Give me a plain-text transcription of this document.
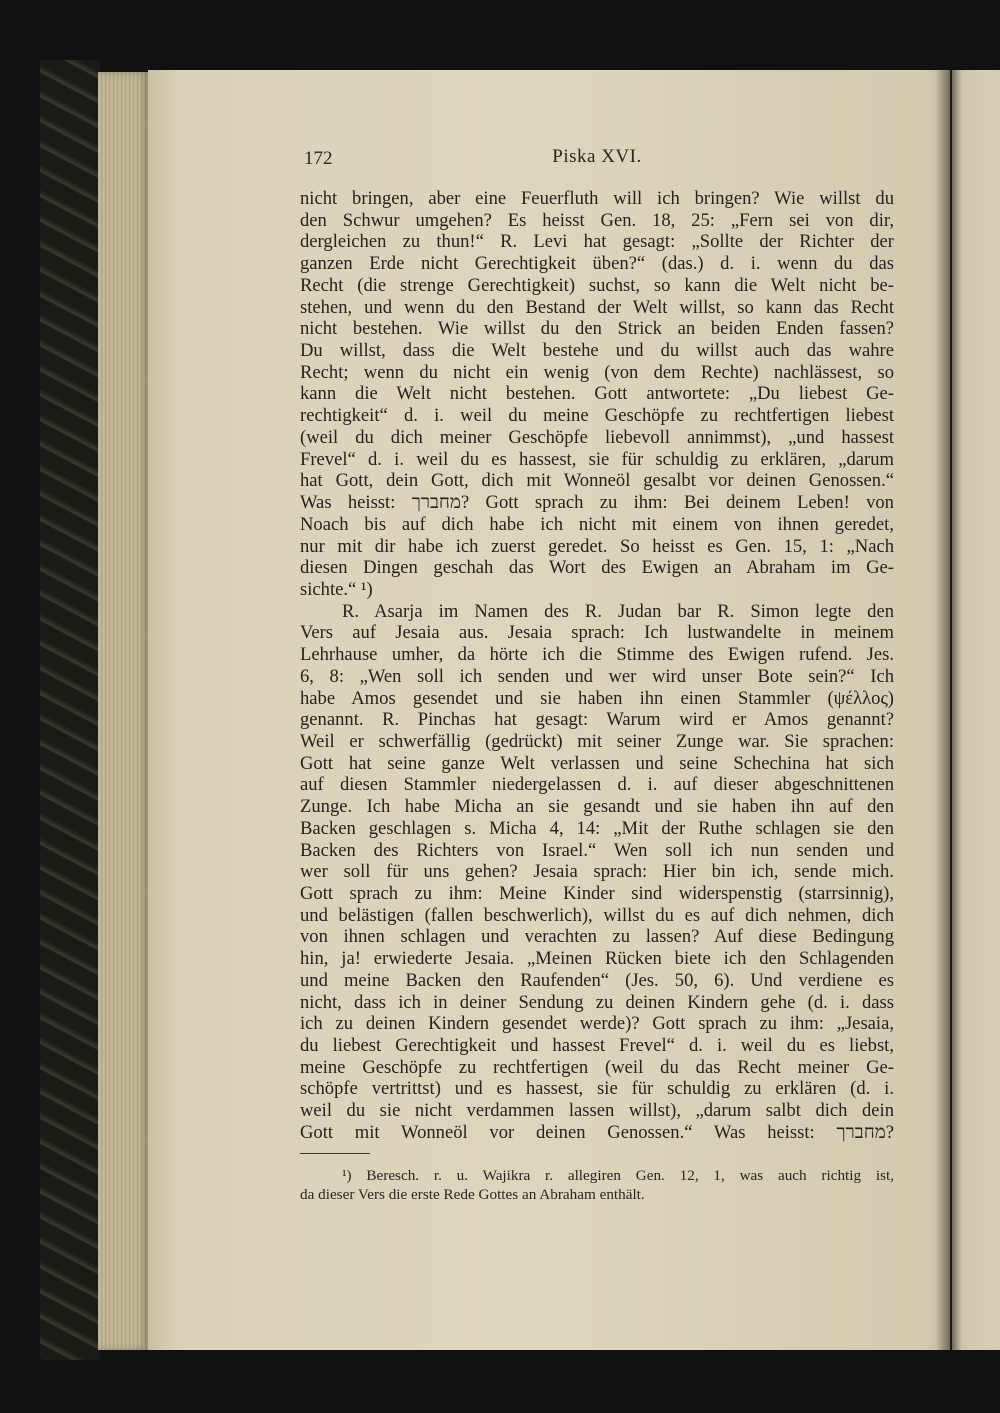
172	Piska XVI.
nicht bringen, aber eine Feuerfluth will ich bringen? Wie willst du
den Schwur umgehen? Es heisst Gen. 18, 25: „Fern sei von dir,
dergleichen zu thun!“ R. Levi hat gesagt: „Sollte der Richter der
ganzen Erde nicht Gerechtigkeit üben?“ (das.) d. i. wenn du das
Recht (die strenge Gerechtigkeit) suchst, so kann die Welt nicht be-
stehen, und wenn du den Bestand der Welt willst, so kann das Recht
nicht bestehen. Wie willst du den Strick an beiden Enden fassen?
Du willst, dass die Welt bestehe und du willst auch das wahre
Recht; wenn du nicht ein wenig (von dem Rechte) nachlässest, so
kann die Welt nicht bestehen. Gott antwortete: „Du liebest Ge-
rechtigkeit“ d. i. weil du meine Geschöpfe zu rechtfertigen liebest
(weil du dich meiner Geschöpfe liebevoll annimmst), „und hassest
Frevel“ d. i. weil du es hassest, sie für schuldig zu erklären, „darum
hat Gott, dein Gott, dich mit Wonneöl gesalbt vor deinen Genossen.“
Was heisst: מחברך? Gott sprach zu ihm: Bei deinem Leben! von
Noach bis auf dich habe ich nicht mit einem von ihnen geredet,
nur mit dir habe ich zuerst geredet. So heisst es Gen. 15, 1: „Nach
diesen Dingen geschah das Wort des Ewigen an Abraham im Ge-
sichte.“ ¹)
R. Asarja im Namen des R. Judan bar R. Simon legte den
Vers auf Jesaia aus. Jesaia sprach: Ich lustwandelte in meinem
Lehrhause umher, da hörte ich die Stimme des Ewigen rufend. Jes.
6, 8: „Wen soll ich senden und wer wird unser Bote sein?“ Ich
habe Amos gesendet und sie haben ihn einen Stammler (ψέλλος)
genannt. R. Pinchas hat gesagt: Warum wird er Amos genannt?
Weil er schwerfällig (gedrückt) mit seiner Zunge war. Sie sprachen:
Gott hat seine ganze Welt verlassen und seine Schechina hat sich
auf diesen Stammler niedergelassen d. i. auf dieser abgeschnittenen
Zunge. Ich habe Micha an sie gesandt und sie haben ihn auf den
Backen geschlagen s. Micha 4, 14: „Mit der Ruthe schlagen sie den
Backen des Richters von Israel.“ Wen soll ich nun senden und
wer soll für uns gehen? Jesaia sprach: Hier bin ich, sende mich.
Gott sprach zu ihm: Meine Kinder sind widerspenstig (starrsinnig),
und belästigen (fallen beschwerlich), willst du es auf dich nehmen, dich
von ihnen schlagen und verachten zu lassen? Auf diese Bedingung
hin, ja! erwiederte Jesaia. „Meinen Rücken biete ich den Schlagenden
und meine Backen den Raufenden“ (Jes. 50, 6). Und verdiene es
nicht, dass ich in deiner Sendung zu deinen Kindern gehe (d. i. dass
ich zu deinen Kindern gesendet werde)? Gott sprach zu ihm: „Jesaia,
du liebest Gerechtigkeit und hassest Frevel“ d. i. weil du es liebst,
meine Geschöpfe zu rechtfertigen (weil du das Recht meiner Ge-
schöpfe vertrittst) und es hassest, sie für schuldig zu erklären (d. i.
weil du sie nicht verdammen lassen willst), „darum salbt dich dein
Gott mit Wonneöl vor deinen Genossen.“ Was heisst: מחברך?
¹) Beresch. r. u. Wajikra r. allegiren Gen. 12, 1, was auch richtig ist,
da dieser Vers die erste Rede Gottes an Abraham enthält.
